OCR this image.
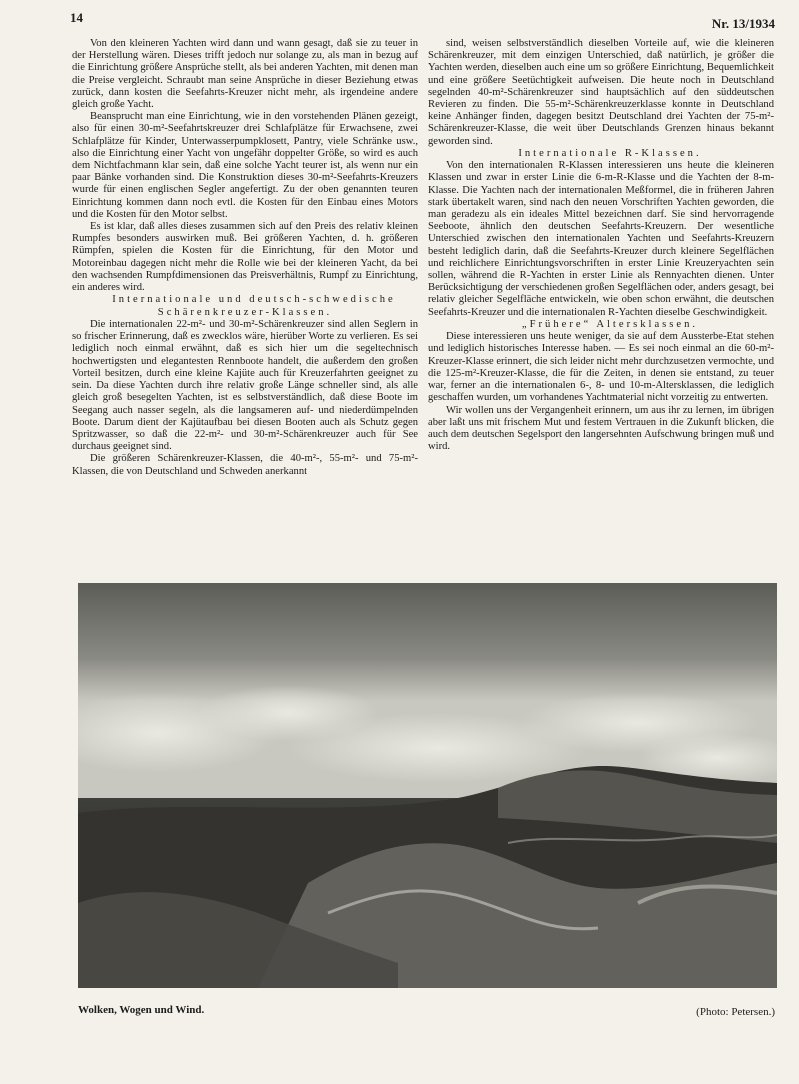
14	Nr. 13/1934

Von den kleineren Yachten wird dann und wann gesagt, daß sie zu teuer in der Herstellung wären. Dieses trifft jedoch nur solange zu, als man in bezug auf die Einrichtung größere Ansprüche stellt, als bei anderen Yachten, mit denen man die Preise vergleicht. Schraubt man seine Ansprüche in dieser Beziehung etwas zurück, dann kosten die Seefahrts-Kreuzer nicht mehr, als irgendeine andere gleich große Yacht.

Beansprucht man eine Einrichtung, wie in den vorstehenden Plänen gezeigt, also für einen 30-m²-Seefahrtskreuzer drei Schlafplätze für Erwachsene, zwei Schlafplätze für Kinder, Unterwasserpumpklosett, Pantry, viele Schränke usw., also die Einrichtung einer Yacht von ungefähr doppelter Größe, so wird es auch dem Nichtfachmann klar sein, daß eine solche Yacht teurer ist, als wenn nur ein paar Bänke vorhanden sind. Die Konstruktion dieses 30-m²-Seefahrts-Kreuzers wurde für einen englischen Segler angefertigt. Zu der oben genannten teuren Einrichtung kommen dann noch evtl. die Kosten für den Einbau eines Motors und die Kosten für den Motor selbst.

Es ist klar, daß alles dieses zusammen sich auf den Preis des relativ kleinen Rumpfes besonders auswirken muß. Bei größeren Yachten, d. h. größeren Rümpfen, spielen die Kosten für die Einrichtung, für den Motor und Motoreinbau dagegen nicht mehr die Rolle wie bei der kleineren Yacht, da bei den wachsenden Rumpfdimensionen das Preisverhältnis, Rumpf zu Einrichtung, ein anderes wird.

Internationale und deutsch-schwedische Schärenkreuzer-Klassen.

Die internationalen 22-m²- und 30-m²-Schärenkreuzer sind allen Seglern in so frischer Erinnerung, daß es zwecklos wäre, hierüber Worte zu verlieren. Es sei lediglich noch einmal erwähnt, daß es sich hier um die segeltechnisch hochwertigsten und elegantesten Rennboote handelt, die außerdem den großen Vorteil besitzen, durch eine kleine Kajüte auch für Kreuzerfahrten geeignet zu sein. Da diese Yachten durch ihre relativ große Länge schneller sind, als alle gleich groß besegelten Yachten, ist es selbstverständlich, daß diese Boote im Seegang auch nasser segeln, als die langsameren auf- und niederdümpelnden Boote. Darum dient der Kajütaufbau bei diesen Booten auch als Schutz gegen Spritzwasser, so daß die 22-m²- und 30-m²-Schärenkreuzer auch für See durchaus geeignet sind.

Die größeren Schärenkreuzer-Klassen, die 40-m²-, 55-m²- und 75-m²-Klassen, die von Deutschland und Schweden anerkannt

sind, weisen selbstverständlich dieselben Vorteile auf, wie die kleineren Schärenkreuzer, mit dem einzigen Unterschied, daß natürlich, je größer die Yachten werden, dieselben auch eine um so größere Einrichtung, Bequemlichkeit und eine größere Seetüchtigkeit aufweisen. Die heute noch in Deutschland segelnden 40-m²-Schärenkreuzer sind hauptsächlich auf den süddeutschen Revieren zu finden. Die 55-m²-Schärenkreuzerklasse konnte in Deutschland keine Anhänger finden, dagegen besitzt Deutschland drei Yachten der 75-m²-Schärenkreuzer-Klasse, die weit über Deutschlands Grenzen hinaus bekannt geworden sind.

Internationale R-Klassen.

Von den internationalen R-Klassen interessieren uns heute die kleineren Klassen und zwar in erster Linie die 6-m-R-Klasse und die Yachten der 8-m-Klasse. Die Yachten nach der internationalen Meßformel, die in früheren Jahren stark übertakelt waren, sind nach den neuen Vorschriften Yachten geworden, die man geradezu als ein ideales Mittel bezeichnen darf. Sie sind hervorragende Seeboote, ähnlich den deutschen Seefahrts-Kreuzern. Der wesentliche Unterschied zwischen den internationalen Yachten und Seefahrts-Kreuzern besteht lediglich darin, daß die Seefahrts-Kreuzer durch kleinere Segelflächen und reichlichere Einrichtungsvorschriften in erster Linie Kreuzeryachten sein sollen, während die R-Yachten in erster Linie als Rennyachten dienen. Unter Berücksichtigung der verschiedenen großen Segelflächen oder, anders gesagt, bei relativ gleicher Segelfläche entwickeln, wie oben schon erwähnt, die deutschen Seefahrts-Kreuzer und die internationalen R-Yachten dieselbe Geschwindigkeit.

„Frühere“ Altersklassen.

Diese interessieren uns heute weniger, da sie auf dem Aussterbe-Etat stehen und lediglich historisches Interesse haben. — Es sei noch einmal an die 60-m²-Kreuzer-Klasse erinnert, die sich leider nicht mehr durchzusetzen vermochte, und die 125-m²-Kreuzer-Klasse, die für die Zeiten, in denen sie entstand, zu teuer war, ferner an die internationalen 6-, 8- und 10-m-Altersklassen, die lediglich geschaffen wurden, um vorhandenes Yachtmaterial nicht vorzeitig zu entwerten.

Wir wollen uns der Vergangenheit erinnern, um aus ihr zu lernen, im übrigen aber laßt uns mit frischem Mut und festem Vertrauen in die Zukunft blicken, die auch dem deutschen Segelsport den langersehnten Aufschwung bringen muß und wird.

Wolken, Wogen und Wind.	(Photo: Petersen.)
